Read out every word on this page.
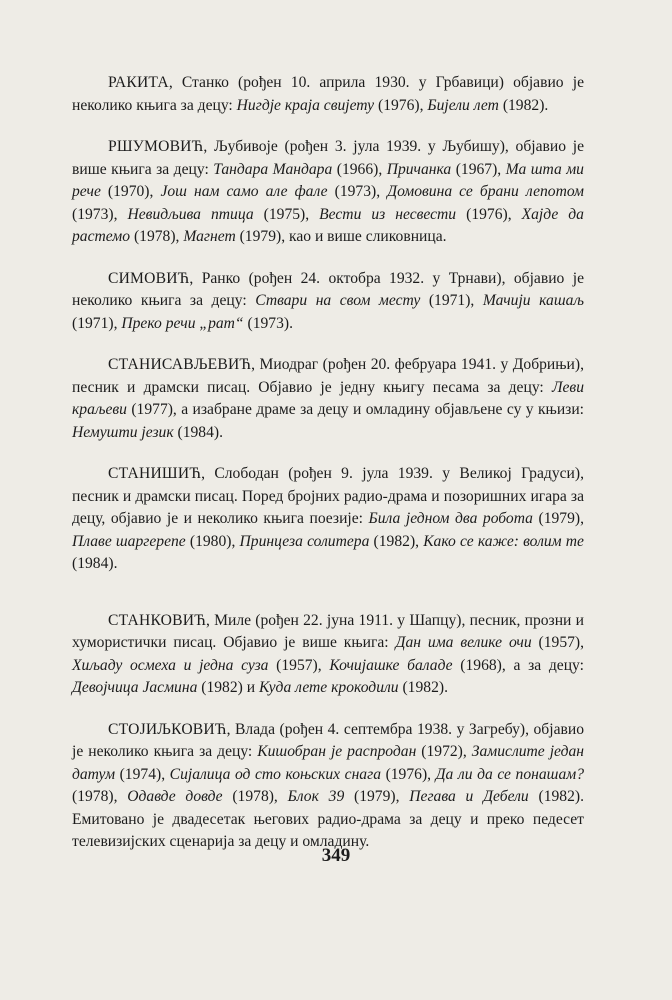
РАКИТА, Станко (рођен 10. априла 1930. у Грбавици) објавио је неколико књига за децу: Нигдје краја свијету (1976), Бијели лет (1982).

РШУМОВИЋ, Љубивоје (рођен 3. јула 1939. у Љубишу), објавио је више књига за децу: Тандара Мандара (1966), Причанка (1967), Ма шта ми рече (1970), Још нам само але фале (1973), Домовина се брани лепотом (1973), Невидљива птица (1975), Вести из несвести (1976), Хајде да растемо (1978), Магнет (1979), као и више сликовница.

СИМОВИЋ, Ранко (рођен 24. октобра 1932. у Трнави), објавио је неколико књига за децу: Ствари на свом месту (1971), Мачији кашаљ (1971), Преко речи „рат“ (1973).

СТАНИСАВЉЕВИЋ, Миодраг (рођен 20. фебруара 1941. у Добрињи), песник и драмски писац. Објавио је једну књигу песама за децу: Леви краљеви (1977), а изабране драме за децу и омладину објављене су у књизи: Немушти језик (1984).

СТАНИШИЋ, Слободан (рођен 9. јула 1939. у Великој Градуси), песник и драмски писац. Поред бројних радио-драма и позоришних игара за децу, објавио је и неколико књига поезије: Била једном два робота (1979), Плаве шаргерепе (1980), Принцеза солитера (1982), Како се каже: волим те (1984).

СТАНКОВИЋ, Миле (рођен 22. јуна 1911. у Шапцу), песник, прозни и хумористички писац. Објавио је више књига: Дан има велике очи (1957), Хиљаду осмеха и једна суза (1957), Кочијашке баладе (1968), а за децу: Девојчица Јасмина (1982) и Куда лете крокодили (1982).

СТОЈИЉКОВИЋ, Влада (рођен 4. септембра 1938. у Загребу), објавио је неколико књига за децу: Кишобран је распродан (1972), Замислите један датум (1974), Сијалица од сто коњских снага (1976), Да ли да се понашам? (1978), Одавде довде (1978), Блок 39 (1979), Пегава и Дебели (1982). Емитовано је двадесетак његових радио-драма за децу и преко педесет телевизијских сценарија за децу и омладину.

349
